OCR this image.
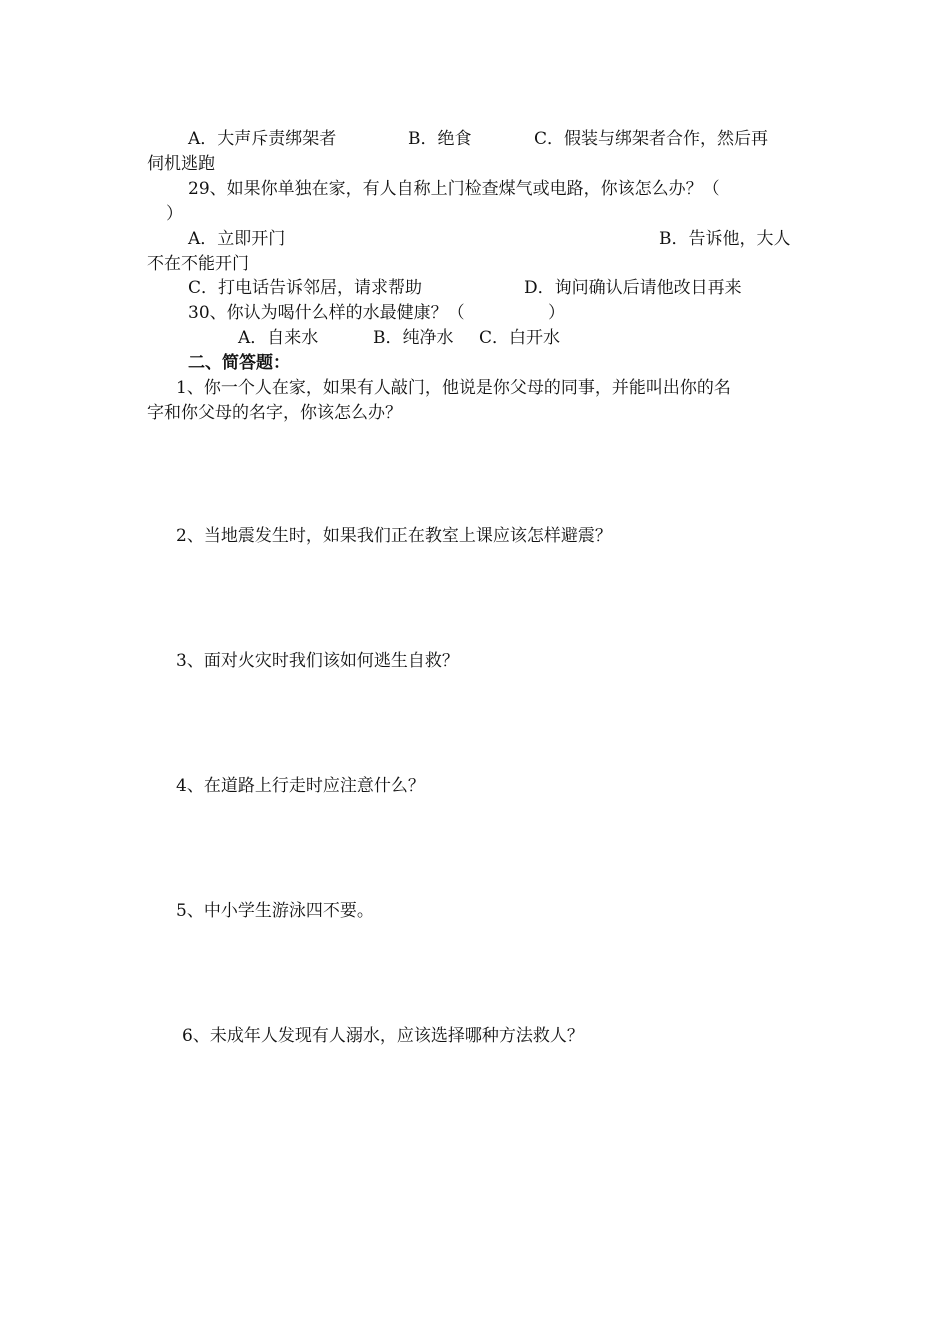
A．大声斥责绑架者	B．绝食	C．假装与绑架者合作，然后再
伺机逃跑
29、如果你单独在家，有人自称上门检查煤气或电路，你该怎么办？（
）
A．立即开门	B．告诉他，大人
不在不能开门
C．打电话告诉邻居，请求帮助	D．询问确认后请他改日再来
30、你认为喝什么样的水最健康？（	）
A．自来水	B．纯净水 C．白开水
二、简答题：
1、你一个人在家，如果有人敲门，他说是你父母的同事，并能叫出你的名
字和你父母的名字，你该怎么办？
2、当地震发生时，如果我们正在教室上课应该怎样避震？
3、面对火灾时我们该如何逃生自救？
4、在道路上行走时应注意什么？
5、中小学生游泳四不要。
6、未成年人发现有人溺水，应该选择哪种方法救人？
